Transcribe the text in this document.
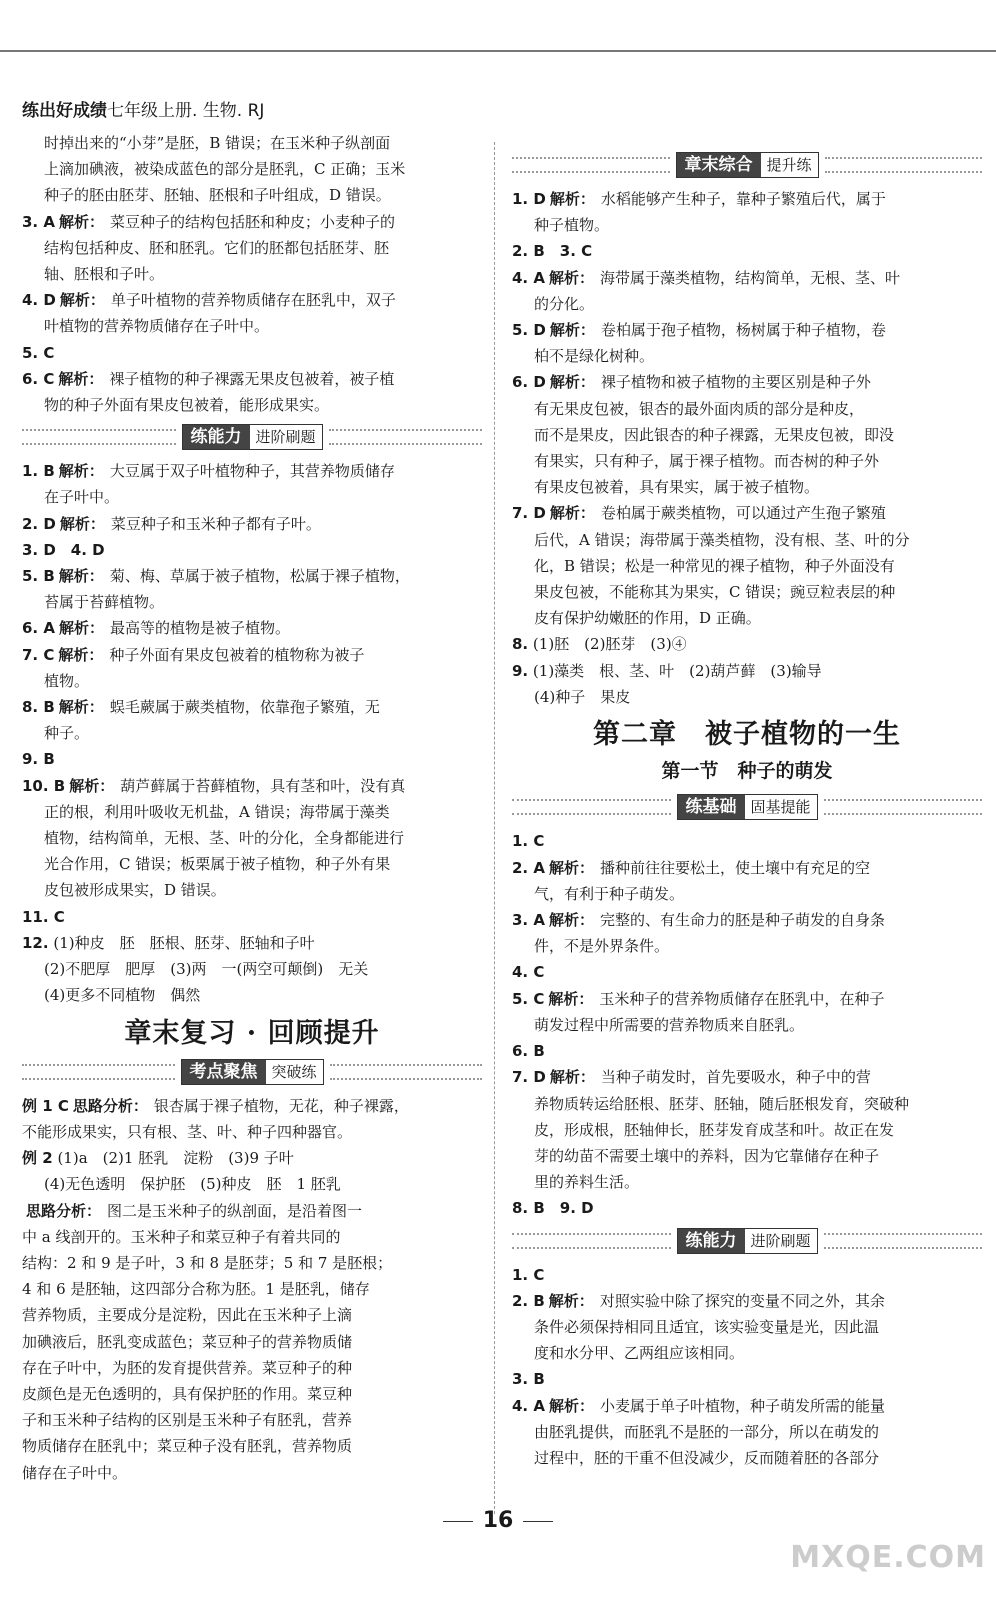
练出好成绩七年级上册. 生物. RJ

时掉出来的“小芽”是胚，B 错误；在玉米种子纵剖面

上滴加碘液，被染成蓝色的部分是胚乳，C 正确；玉米

种子的胚由胚芽、胚轴、胚根和子叶组成，D 错误。

3. A 解析： 菜豆种子的结构包括胚和种皮；小麦种子的

结构包括种皮、胚和胚乳。它们的胚都包括胚芽、胚

轴、胚根和子叶。

4. D 解析： 单子叶植物的营养物质储存在胚乳中，双子

叶植物的营养物质储存在子叶中。

5. C

6. C 解析： 裸子植物的种子裸露无果皮包被着，被子植

物的种子外面有果皮包被着，能形成果实。

练能力 进阶刷题

1. B 解析： 大豆属于双子叶植物种子，其营养物质储存

在子叶中。

2. D 解析： 菜豆种子和玉米种子都有子叶。

3. D　4. D

5. B 解析： 菊、梅、草属于被子植物，松属于裸子植物，

苔属于苔藓植物。

6. A 解析： 最高等的植物是被子植物。

7. C 解析： 种子外面有果皮包被着的植物称为被子

植物。

8. B 解析： 蜈毛蕨属于蕨类植物，依靠孢子繁殖，无

种子。

9. B

10. B 解析： 葫芦藓属于苔藓植物，具有茎和叶，没有真

正的根，利用叶吸收无机盐，A 错误；海带属于藻类

植物，结构简单，无根、茎、叶的分化，全身都能进行

光合作用，C 错误；板栗属于被子植物，种子外有果

皮包被形成果实，D 错误。

11. C

12. (1)种皮　胚　胚根、胚芽、胚轴和子叶

(2)不肥厚　肥厚　(3)两　一(两空可颠倒)　无关

(4)更多不同植物　偶然

章末复习 · 回顾提升
考点聚焦 突破练

例 1 C 思路分析： 银杏属于裸子植物，无花，种子裸露，

不能形成果实，只有根、茎、叶、种子四种器官。

例 2 (1)a　(2)1 胚乳　淀粉　(3)9 子叶

(4)无色透明　保护胚　(5)种皮　胚　1 胚乳

思路分析： 图二是玉米种子的纵剖面，是沿着图一

中 a 线剖开的。玉米种子和菜豆种子有着共同的

结构：2 和 9 是子叶，3 和 8 是胚芽；5 和 7 是胚根；

4 和 6 是胚轴，这四部分合称为胚。1 是胚乳，储存

营养物质，主要成分是淀粉，因此在玉米种子上滴

加碘液后，胚乳变成蓝色；菜豆种子的营养物质储

存在子叶中，为胚的发育提供营养。菜豆种子的种

皮颜色是无色透明的，具有保护胚的作用。菜豆种

子和玉米种子结构的区别是玉米种子有胚乳，营养

物质储存在胚乳中；菜豆种子没有胚乳，营养物质

储存在子叶中。

章末综合 提升练

1. D 解析： 水稻能够产生种子，靠种子繁殖后代，属于

种子植物。

2. B　3. C

4. A 解析： 海带属于藻类植物，结构简单，无根、茎、叶

的分化。

5. D 解析： 卷柏属于孢子植物，杨树属于种子植物，卷

柏不是绿化树种。

6. D 解析： 裸子植物和被子植物的主要区别是种子外

有无果皮包被，银杏的最外面肉质的部分是种皮，

而不是果皮，因此银杏的种子裸露，无果皮包被，即没

有果实，只有种子，属于裸子植物。而杏树的种子外

有果皮包被着，具有果实，属于被子植物。

7. D 解析： 卷柏属于蕨类植物，可以通过产生孢子繁殖

后代，A 错误；海带属于藻类植物，没有根、茎、叶的分

化，B 错误；松是一种常见的裸子植物，种子外面没有

果皮包被，不能称其为果实，C 错误；豌豆粒表层的种

皮有保护幼嫩胚的作用，D 正确。

8. (1)胚　(2)胚芽　(3)④

9. (1)藻类　根、茎、叶　(2)葫芦藓　(3)输导

(4)种子　果皮

第二章　被子植物的一生
第一节　种子的萌发
练基础 固基提能

1. C

2. A 解析： 播种前往往要松土，使土壤中有充足的空

气，有利于种子萌发。

3. A 解析： 完整的、有生命力的胚是种子萌发的自身条

件，不是外界条件。

4. C

5. C 解析： 玉米种子的营养物质储存在胚乳中，在种子

萌发过程中所需要的营养物质来自胚乳。

6. B

7. D 解析： 当种子萌发时，首先要吸水，种子中的营

养物质转运给胚根、胚芽、胚轴，随后胚根发育，突破种

皮，形成根，胚轴伸长，胚芽发育成茎和叶。故正在发

芽的幼苗不需要土壤中的养料，因为它靠储存在种子

里的养料生活。

8. B　9. D

练能力 进阶刷题

1. C

2. B 解析： 对照实验中除了探究的变量不同之外，其余

条件必须保持相同且适宜，该实验变量是光，因此温

度和水分甲、乙两组应该相同。

3. B

4. A 解析： 小麦属于单子叶植物，种子萌发所需的能量

由胚乳提供，而胚乳不是胚的一部分，所以在萌发的

过程中，胚的干重不但没减少，反而随着胚的各部分

16
MXQE.COM
